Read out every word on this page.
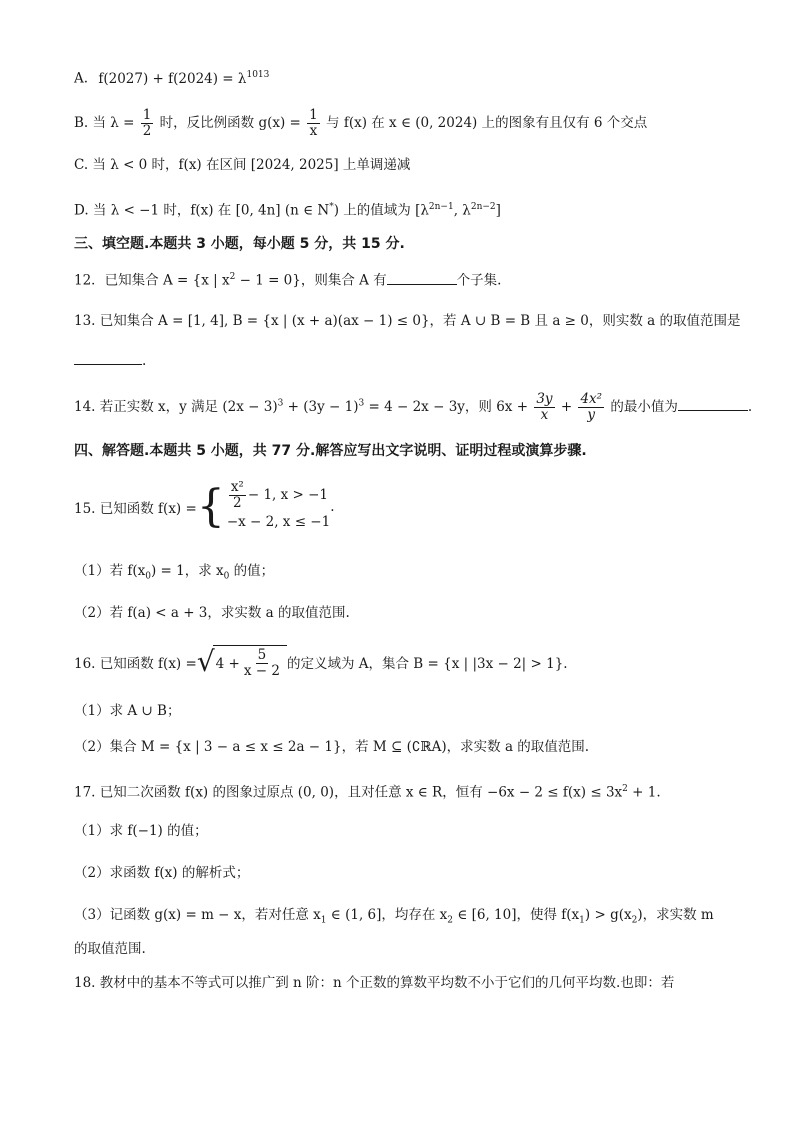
A. $f(2027) + f(2024) = \lambda^{1013}$
B. 当 $\lambda = \frac{1}{2}$ 时，反比例函数 $g(x) = \frac{1}{x}$ 与 f(x) 在 x ∈ (0, 2024) 上的图象有且仅有 6 个交点
C. 当 λ < 0 时，f(x) 在区间 [2024, 2025] 上单调递减
D. 当 λ < −1 时，f(x) 在 [0, 4n] (n ∈ N*) 上的值域为 [$\lambda^{2n-1}$, $\lambda^{2n-2}$]
三、填空题.本题共 3 小题，每小题 5 分，共 15 分.
12．已知集合 A = {x | $x^2 - 1 = 0$}，则集合 A 有	个子集.
13. 已知集合 A = [1, 4], B = {x | (x + a)(ax − 1) ≤ 0}，若 A ∪ B = B 且 a ≥ 0，则实数 a 的取值范围是
.
14. 若正实数 x，y 满足 $(2x - 3)^3 + (3y - 1)^3 = 4 - 2x - 3y$，则 $6x + \frac{3y}{x} + \frac{\text{4x²}}{y}$ 的最小值为	.
四、解答题.本题共 5 小题，共 77 分.解答应写出文字说明、证明过程或演算步骤.
15. 已知函数 f(x) = { $\frac{\text{x²}}{2} - 1$, x > −1
−x − 2, x ≤ −1
.
（1）若 $f(x_0) = 1$，求 $x_0$ 的值；
（2）若 f(a) < a + 3，求实数 a 的取值范围.
16. 已知函数 f(x) = √ $4 + \frac{5}{x - 2}$ 的定义域为 A，集合 B = {x | |3x − 2| > 1}.
（1）求 A ∪ B；
（2）集合 M = {x | 3 − a ≤ x ≤ 2a − 1}，若 M ⊆ (∁ℝA)，求实数 a 的取值范围.
17. 已知二次函数 f(x) 的图象过原点 (0, 0)，且对任意 x ∈ R，恒有 $-6x - 2 \le f(x) \le 3x^2 + 1$.
（1）求 f(−1) 的值；
（2）求函数 f(x) 的解析式；
（3）记函数 g(x) = m − x，若对任意 $x_1$ ∈ (1, 6]，均存在 $x_2$ ∈ [6, 10]，使得 $f(x_1) > g(x_2)$，求实数 m
的取值范围.
18. 教材中的基本不等式可以推广到 n 阶：n 个正数的算数平均数不小于它们的几何平均数.也即：若
